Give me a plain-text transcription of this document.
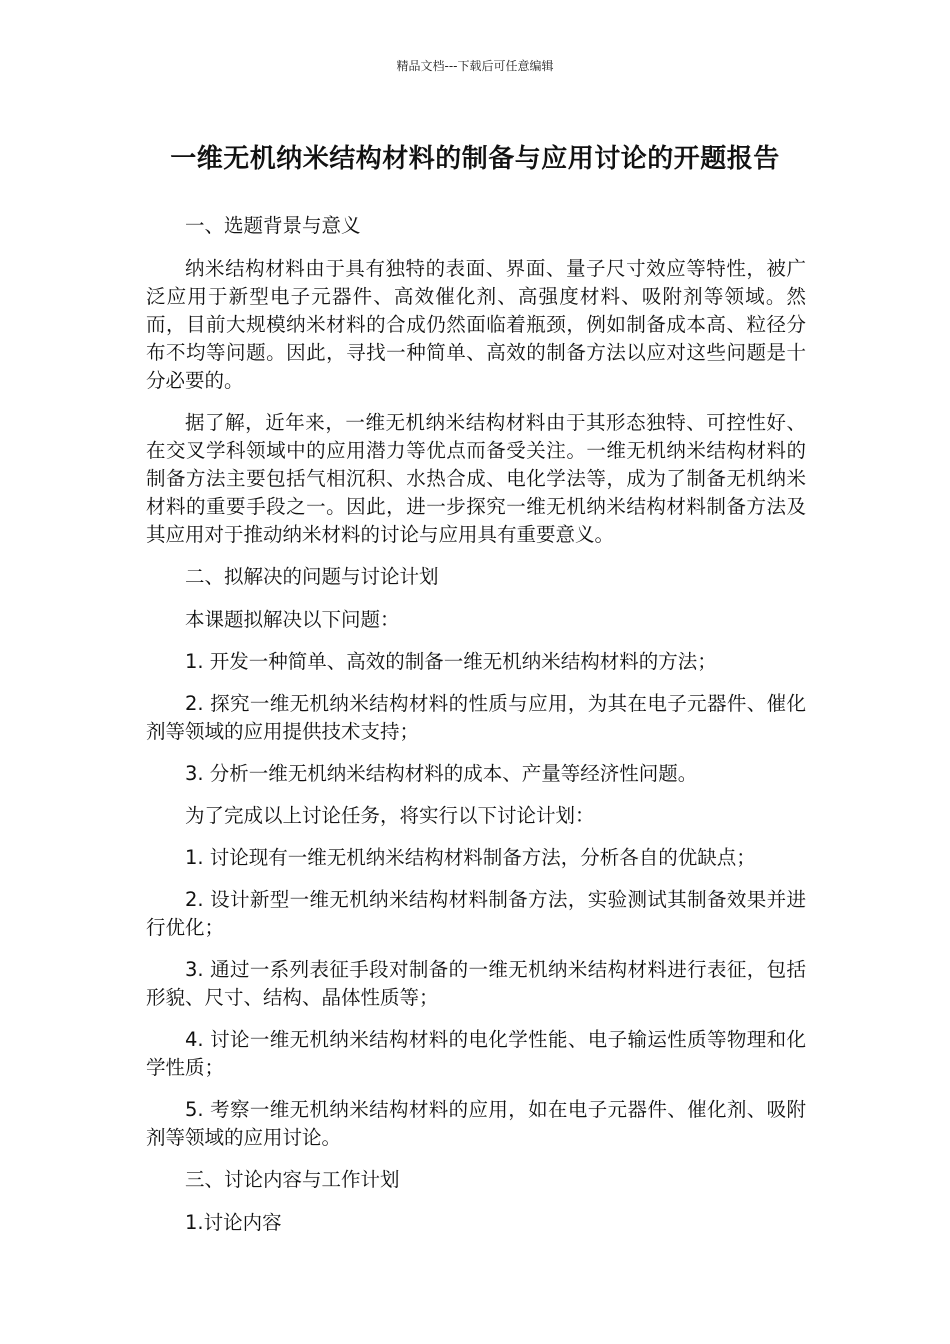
精品文档---下载后可任意编辑
一维无机纳米结构材料的制备与应用讨论的开题报告

一、选题背景与意义

纳米结构材料由于具有独特的表面、界面、量子尺寸效应等特性，被广泛应用于新型电子元器件、高效催化剂、高强度材料、吸附剂等领域。然而，目前大规模纳米材料的合成仍然面临着瓶颈，例如制备成本高、粒径分布不均等问题。因此，寻找一种简单、高效的制备方法以应对这些问题是十分必要的。

据了解，近年来，一维无机纳米结构材料由于其形态独特、可控性好、在交叉学科领域中的应用潜力等优点而备受关注。一维无机纳米结构材料的制备方法主要包括气相沉积、水热合成、电化学法等，成为了制备无机纳米材料的重要手段之一。因此，进一步探究一维无机纳米结构材料制备方法及其应用对于推动纳米材料的讨论与应用具有重要意义。

二、拟解决的问题与讨论计划

本课题拟解决以下问题：

1. 开发一种简单、高效的制备一维无机纳米结构材料的方法；

2. 探究一维无机纳米结构材料的性质与应用，为其在电子元器件、催化剂等领域的应用提供技术支持；

3. 分析一维无机纳米结构材料的成本、产量等经济性问题。

为了完成以上讨论任务，将实行以下讨论计划：

1. 讨论现有一维无机纳米结构材料制备方法，分析各自的优缺点；

2. 设计新型一维无机纳米结构材料制备方法，实验测试其制备效果并进行优化；

3. 通过一系列表征手段对制备的一维无机纳米结构材料进行表征，包括形貌、尺寸、结构、晶体性质等；

4. 讨论一维无机纳米结构材料的电化学性能、电子输运性质等物理和化学性质；

5. 考察一维无机纳米结构材料的应用，如在电子元器件、催化剂、吸附剂等领域的应用讨论。

三、讨论内容与工作计划

1.讨论内容
